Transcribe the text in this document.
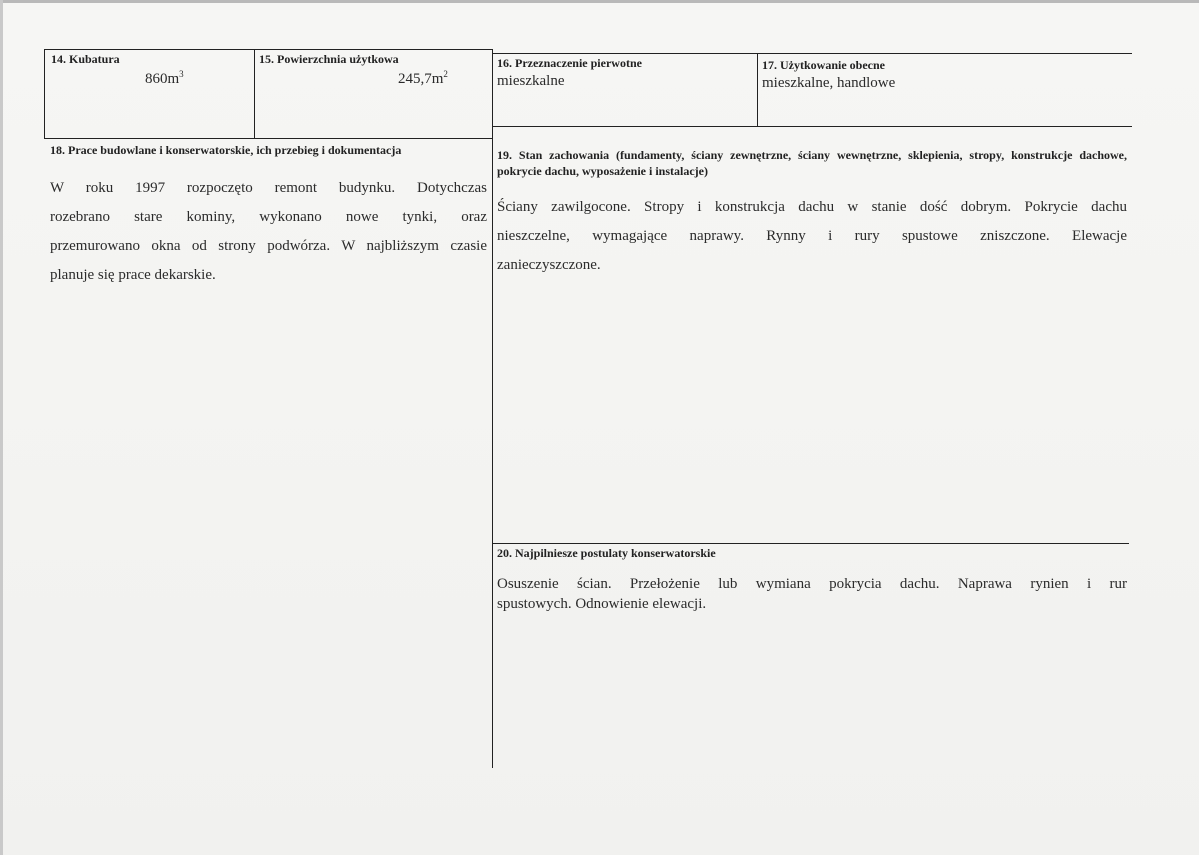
14. Kubatura
$860m^3$
15. Powierzchnia użytkowa
$245,7m^2$
16. Przeznaczenie pierwotne
mieszkalne
17. Użytkowanie obecne
mieszkalne, handlowe
18. Prace budowlane i konserwatorskie, ich przebieg i dokumentacja
W roku 1997 rozpoczęto remont budynku. Dotychczas
rozebrano stare kominy, wykonano nowe tynki, oraz
przemurowano okna od strony podwórza. W najbliższym czasie
planuje się prace dekarskie.
19. Stan zachowania (fundamenty, ściany zewnętrzne, ściany wewnętrzne, sklepienia, stropy, konstrukcje dachowe, pokrycie dachu, wyposażenie i instalacje)
Ściany zawilgocone. Stropy i konstrukcja dachu w stanie dość dobrym. Pokrycie dachu
nieszczelne, wymagające naprawy. Rynny i rury spustowe zniszczone. Elewacje
zanieczyszczone.
20. Najpilniesze postulaty konserwatorskie
Osuszenie ścian. Przełożenie lub wymiana pokrycia dachu. Naprawa rynien i rur
spustowych. Odnowienie elewacji.
